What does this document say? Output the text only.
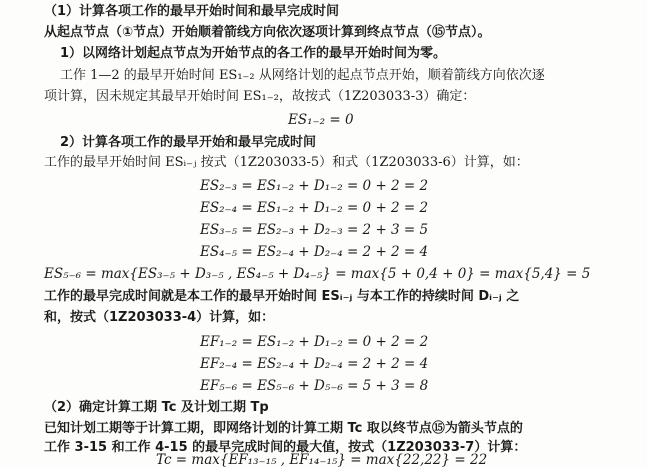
（1）计算各项工作的最早开始时间和最早完成时间
从起点节点（①节点）开始顺着箭线方向依次逐项计算到终点节点（⑮节点）。
1）以网络计划起点节点为开始节点的各工作的最早开始时间为零。
工作 1—2 的最早开始时间 ES₁₋₂ 从网络计划的起点节点开始，顺着箭线方向依次逐
项计算，因未规定其最早开始时间 ES₁₋₂，故按式（1Z203033-3）确定：
ES₁₋₂ = 0
2）计算各项工作的最早开始和最早完成时间
工作的最早开始时间 ESᵢ₋ⱼ 按式（1Z203033-5）和式（1Z203033-6）计算，如：
ES₂₋₃ = ES₁₋₂ + D₁₋₂ = 0 + 2 = 2
ES₂₋₄ = ES₁₋₂ + D₁₋₂ = 0 + 2 = 2
ES₃₋₅ = ES₂₋₃ + D₂₋₃ = 2 + 3 = 5
ES₄₋₅ = ES₂₋₄ + D₂₋₄ = 2 + 2 = 4
ES₅₋₆ = max{ES₃₋₅ + D₃₋₅ , ES₄₋₅ + D₄₋₅} = max{5 + 0,4 + 0} = max{5,4} = 5
工作的最早完成时间就是本工作的最早开始时间 ESᵢ₋ⱼ 与本工作的持续时间 Dᵢ₋ⱼ 之
和，按式（1Z203033-4）计算，如：
EF₁₋₂ = ES₁₋₂ + D₁₋₂ = 0 + 2 = 2
EF₂₋₄ = ES₂₋₄ + D₂₋₄ = 2 + 2 = 4
EF₅₋₆ = ES₅₋₆ + D₅₋₆ = 5 + 3 = 8
（2）确定计算工期 Tc 及计划工期 Tp
已知计划工期等于计算工期，即网络计划的计算工期 Tc 取以终节点⑮为箭头节点的
工作 3-15 和工作 4-15 的最早完成时间的最大值，按式（1Z203033-7）计算：
Tc = max{EF₁₃₋₁₅ , EF₁₄₋₁₅} = max{22,22} = 22
